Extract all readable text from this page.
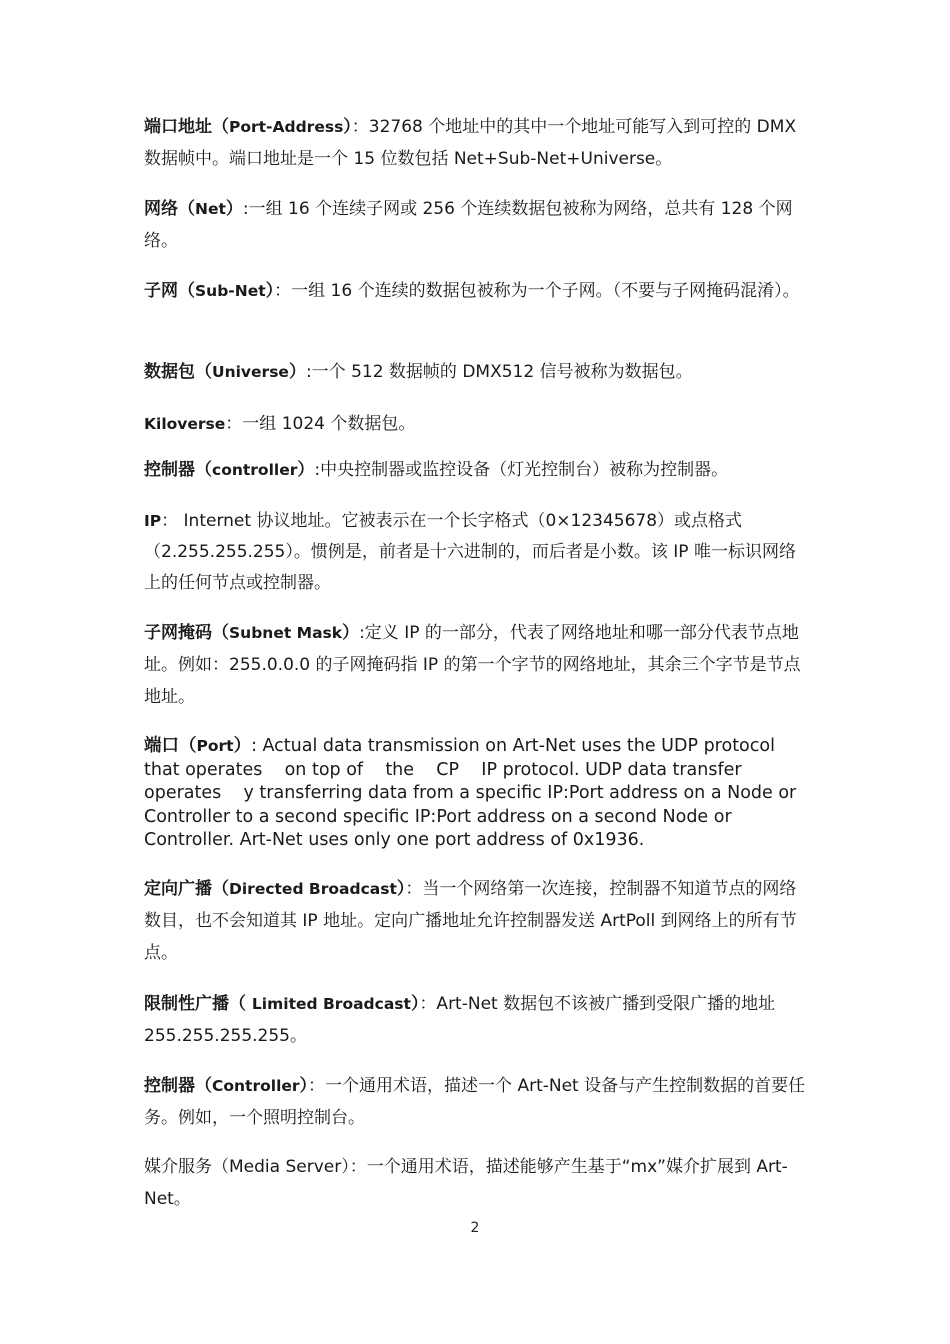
端口地址（Port-Address）：32768 个地址中的其中一个地址可能写入到可控的 DMX 数据帧中。端口地址是一个 15 位数包括 Net+Sub-Net+Universe。

网络（Net）:一组 16 个连续子网或 256 个连续数据包被称为网络，总共有 128 个网络。

子网（Sub-Net）：一组 16 个连续的数据包被称为一个子网。（不要与子网掩码混淆）。

数据包（Universe）:一个 512 数据帧的 DMX512 信号被称为数据包。

Kiloverse：一组 1024 个数据包。

控制器（controller）:中央控制器或监控设备（灯光控制台）被称为控制器。

IP： Internet 协议地址。它被表示在一个长字格式（0×12345678）或点格式（2.255.255.255）。惯例是，前者是十六进制的，而后者是小数。该 IP 唯一标识网络上的任何节点或控制器。

子网掩码（Subnet Mask）:定义 IP 的一部分，代表了网络地址和哪一部分代表节点地址。例如：255.0.0.0 的子网掩码指 IP 的第一个字节的网络地址，其余三个字节是节点地址。

端口（Port）: Actual data transmission on Art-Net uses the UDP protocol that operates    on top of    the    CP    IP protocol. UDP data transfer operates    y transferring data from a specific IP:Port address on a Node or Controller to a second specific IP:Port address on a second Node or Controller. Art-Net uses only one port address of 0x1936.

定向广播（Directed Broadcast）：当一个网络第一次连接，控制器不知道节点的网络数目，也不会知道其 IP 地址。定向广播地址允许控制器发送 ArtPoll 到网络上的所有节点。

限制性广播（ Limited Broadcast）：Art-Net 数据包不该被广播到受限广播的地址 255.255.255.255。

控制器（Controller）：一个通用术语，描述一个 Art-Net 设备与产生控制数据的首要任务。例如，一个照明控制台。

媒介服务（Media Server）：一个通用术语，描述能够产生基于“mx”媒介扩展到 Art-Net。

2
